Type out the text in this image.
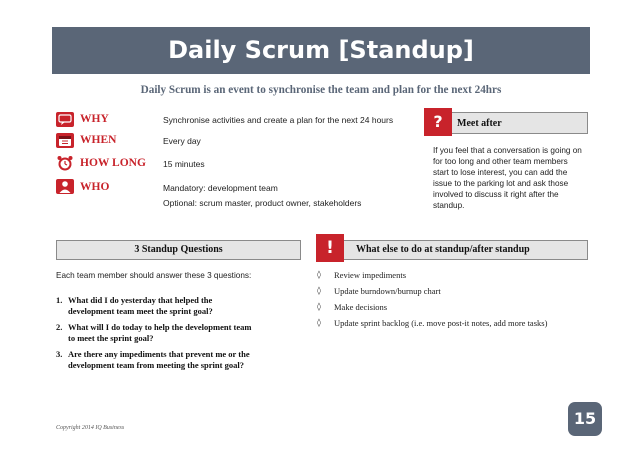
Daily Scrum [Standup]
Daily Scrum is an event to synchronise the team and plan for the next 24hrs
WHY	Synchronise activities and create a plan for the next 24 hours
WHEN	Every day
HOW LONG 15 minutes
WHO	Mandatory: development team
Optional: scrum master, product owner, stakeholders
?	Meet after
If you feel that a conversation is going on
for too long and other team members
start to lose interest, you can add the
issue to the parking lot and ask those
involved to discuss it right after the
standup.
3 Standup Questions
Each team member should answer these 3 questions:
1. What did I do yesterday that helped the
development team meet the sprint goal?
2. What will I do today to help the development team
to meet the sprint goal?
3. Are there any impediments that prevent me or the
development team from meeting the sprint goal?
!	What else to do at standup/after standup
◊ Review impediments
◊ Update burndown/burnup chart
◊ Make decisions
◊ Update sprint backlog (i.e. move post-it notes, add more tasks)
Copyright 2014 IQ Business	15
